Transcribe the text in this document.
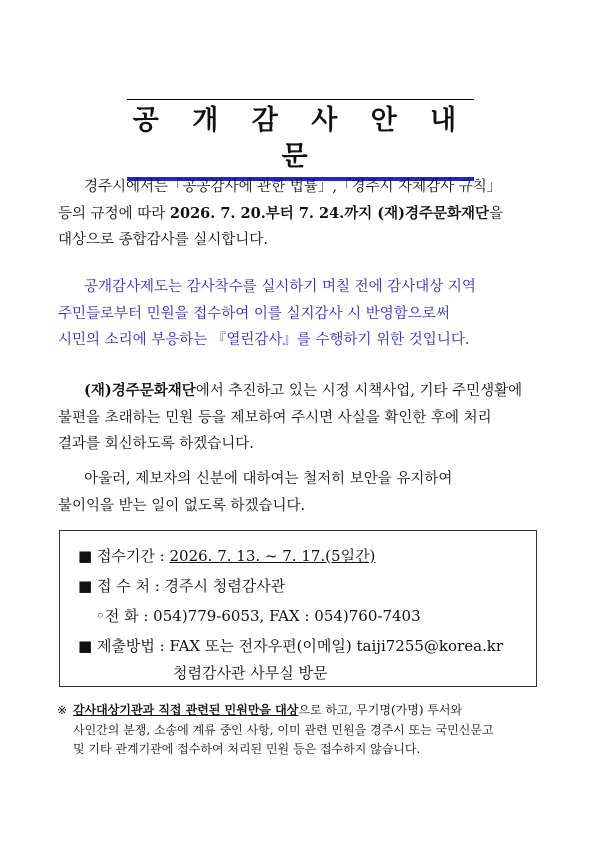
공 개 감 사 안 내 문
경주시에서는「공공감사에 관한 법률」,「경주시 자체감사 규칙」
등의 규정에 따라 2026. 7. 20.부터 7. 24.까지 (재)경주문화재단을
대상으로 종합감사를 실시합니다.
공개감사제도는 감사착수를 실시하기 며칠 전에 감사대상 지역
주민들로부터 민원을 접수하여 이를 실지감사 시 반영함으로써
시민의 소리에 부응하는 『열린감사』를 수행하기 위한 것입니다.
(재)경주문화재단에서 추진하고 있는 시정 시책사업, 기타 주민생활에
불편을 초래하는 민원 등을 제보하여 주시면 사실을 확인한 후에 처리
결과를 회신하도록 하겠습니다.
아울러, 제보자의 신분에 대하여는 철저히 보안을 유지하여
불이익을 받는 일이 없도록 하겠습니다.
■ 접수기간 : 2026. 7. 13. ~ 7. 17.(5일간)
■ 접 수 처 : 경주시 청렴감사관
◦전 화 : 054)779-6053, FAX : 054)760-7403
■ 제출방법 : FAX 또는 전자우편(이메일) taiji7255@korea.kr
청렴감사관 사무실 방문
※ 감사대상기관과 직접 관련된 민원만을 대상으로 하고, 무기명(가명) 투서와
사인간의 분쟁, 소송에 계류 중인 사항, 이미 관련 민원을 경주시 또는 국민신문고
및 기타 관계기관에 접수하여 처리된 민원 등은 접수하지 않습니다.
